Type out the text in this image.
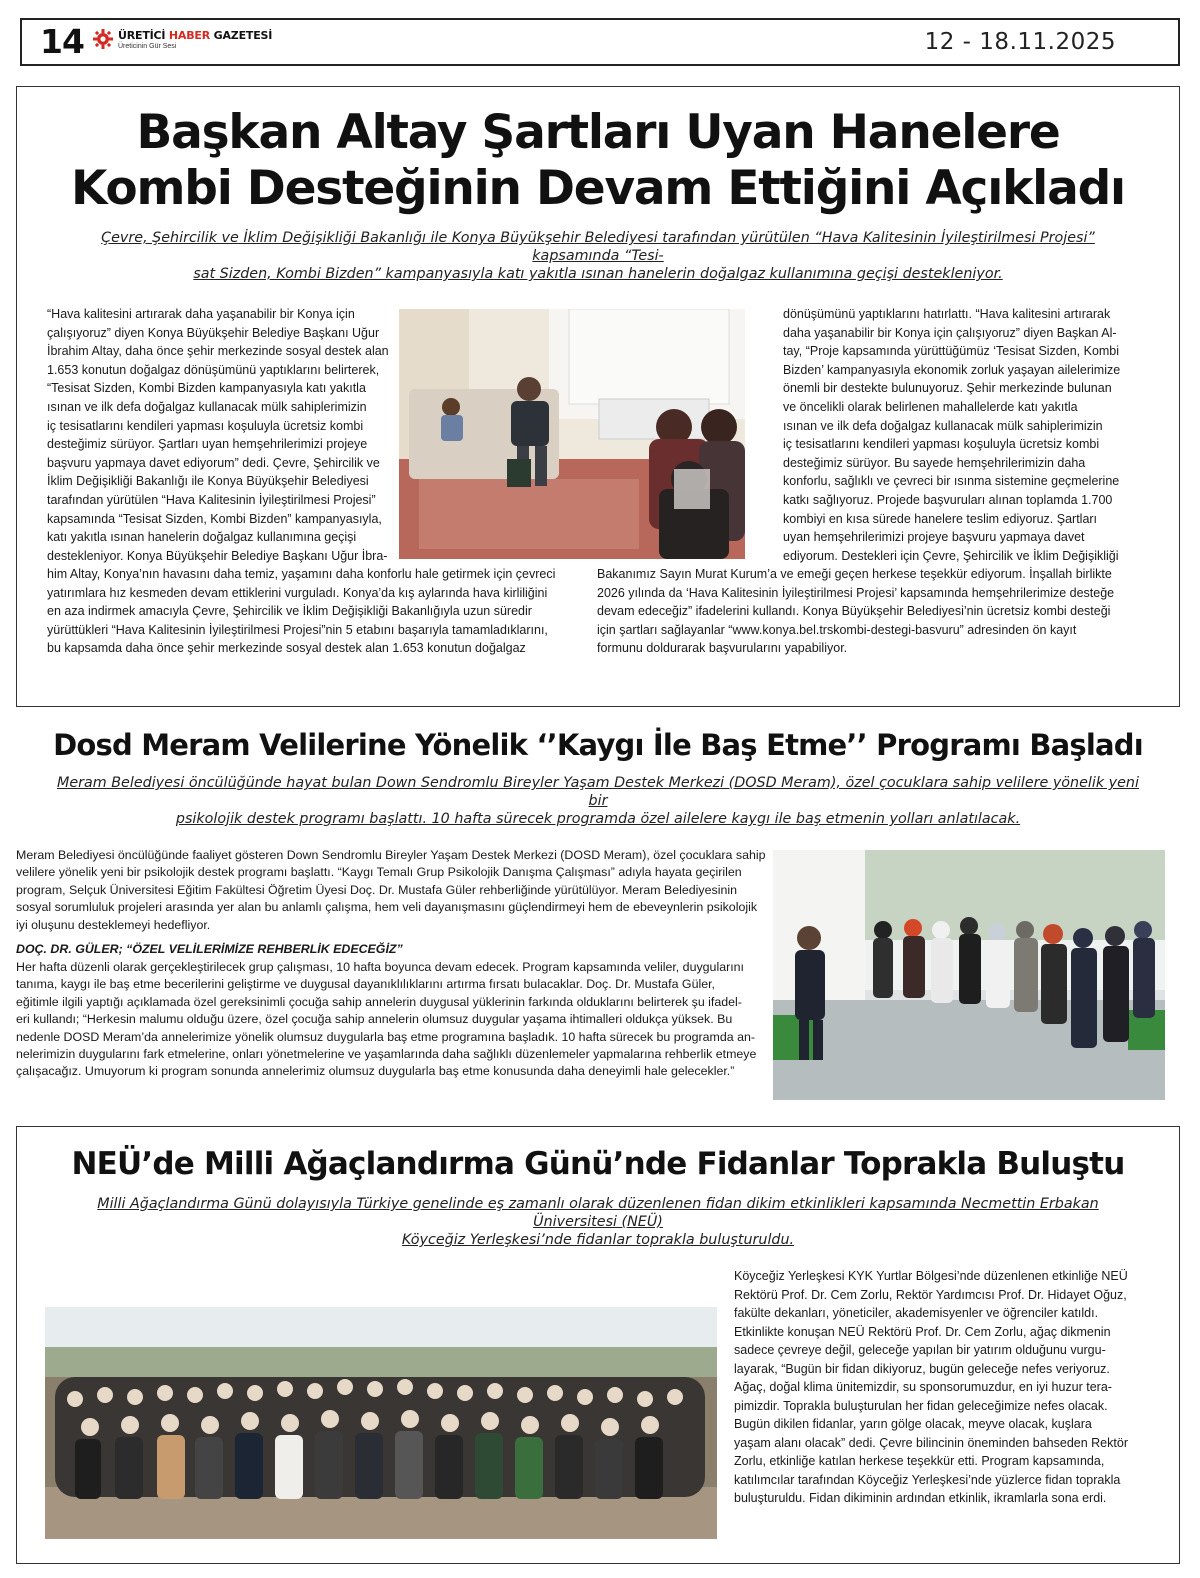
14	ÜRETİCİ HABER GAZETESİ
Üreticinin Gür Sesi	12 - 18.11.2025
Başkan Altay Şartları Uyan Hanelere
Kombi Desteğinin Devam Ettiğini Açıkladı

Çevre, Şehircilik ve İklim Değişikliği Bakanlığı ile Konya Büyükşehir Belediyesi tarafından yürütülen “Hava Kalitesinin İyileştirilmesi Projesi” kapsamında “Tesi-
sat Sizden, Kombi Bizden” kampanyasıyla katı yakıtla ısınan hanelerin doğalgaz kullanımına geçişi destekleniyor.

“Hava kalitesini artırarak daha yaşanabilir bir Konya için
çalışıyoruz” diyen Konya Büyükşehir Belediye Başkanı Uğur
İbrahim Altay, daha önce şehir merkezinde sosyal destek alan
1.653 konutun doğalgaz dönüşümünü yaptıklarını belirterek,
“Tesisat Sizden, Kombi Bizden kampanyasıyla katı yakıtla
ısınan ve ilk defa doğalgaz kullanacak mülk sahiplerimizin
iç tesisatlarını kendileri yapması koşuluyla ücretsiz kombi
desteğimiz sürüyor. Şartları uyan hemşehrilerimizi projeye
başvuru yapmaya davet ediyorum” dedi. Çevre, Şehircilik ve
İklim Değişikliği Bakanlığı ile Konya Büyükşehir Belediyesi
tarafından yürütülen “Hava Kalitesinin İyileştirilmesi Projesi”
kapsamında “Tesisat Sizden, Kombi Bizden” kampanyasıyla,
katı yakıtla ısınan hanelerin doğalgaz kullanımına geçişi
destekleniyor. Konya Büyükşehir Belediye Başkanı Uğur İbra-
him Altay, Konya’nın havasını daha temiz, yaşamını daha konforlu hale getirmek için çevreci
yatırımlara hız kesmeden devam ettiklerini vurguladı. Konya’da kış aylarında hava kirliliğini
en aza indirmek amacıyla Çevre, Şehircilik ve İklim Değişikliği Bakanlığıyla uzun süredir
yürüttükleri “Hava Kalitesinin İyileştirilmesi Projesi”nin 5 etabını başarıyla tamamladıklarını,
bu kapsamda daha önce şehir merkezinde sosyal destek alan 1.653 konutun doğalgaz
dönüşümünü yaptıklarını hatırlattı. “Hava kalitesini artırarak
daha yaşanabilir bir Konya için çalışıyoruz” diyen Başkan Al-
tay, “Proje kapsamında yürüttüğümüz ‘Tesisat Sizden, Kombi
Bizden’ kampanyasıyla ekonomik zorluk yaşayan ailelerimize
önemli bir destekte bulunuyoruz. Şehir merkezinde bulunan
ve öncelikli olarak belirlenen mahallelerde katı yakıtla
ısınan ve ilk defa doğalgaz kullanacak mülk sahiplerimizin
iç tesisatlarını kendileri yapması koşuluyla ücretsiz kombi
desteğimiz sürüyor. Bu sayede hemşehrilerimizin daha
konforlu, sağlıklı ve çevreci bir ısınma sistemine geçmelerine
katkı sağlıyoruz. Projede başvuruları alınan toplamda 1.700
kombiyi en kısa sürede hanelere teslim ediyoruz. Şartları
uyan hemşehrilerimizi projeye başvuru yapmaya davet
ediyorum. Destekleri için Çevre, Şehircilik ve İklim Değişikliği
Bakanımız Sayın Murat Kurum’a ve emeği geçen herkese teşekkür ediyorum. İnşallah birlikte
2026 yılında da ‘Hava Kalitesinin İyileştirilmesi Projesi’ kapsamında hemşehrilerimize desteğe
devam edeceğiz” ifadelerini kullandı. Konya Büyükşehir Belediyesi’nin ücretsiz kombi desteği
için şartları sağlayanlar “www.konya.bel.trskombi-destegi-basvuru” adresinden ön kayıt
formunu doldurarak başvurularını yapabiliyor.
Dosd Meram Velilerine Yönelik ‘’Kaygı İle Baş Etme’’ Programı Başladı

Meram Belediyesi öncülüğünde hayat bulan Down Sendromlu Bireyler Yaşam Destek Merkezi (DOSD Meram), özel çocuklara sahip velilere yönelik yeni bir
psikolojik destek programı başlattı. 10 hafta sürecek programda özel ailelere kaygı ile baş etmenin yolları anlatılacak.

Meram Belediyesi öncülüğünde faaliyet gösteren Down Sendromlu Bireyler Yaşam Destek Merkezi (DOSD Meram), özel çocuklara sahip
velilere yönelik yeni bir psikolojik destek programı başlattı. “Kaygı Temalı Grup Psikolojik Danışma Çalışması” adıyla hayata geçirilen
program, Selçuk Üniversitesi Eğitim Fakültesi Öğretim Üyesi Doç. Dr. Mustafa Güler rehberliğinde yürütülüyor. Meram Belediyesinin
sosyal sorumluluk projeleri arasında yer alan bu anlamlı çalışma, hem veli dayanışmasını güçlendirmeyi hem de ebeveynlerin psikolojik
iyi oluşunu desteklemeyi hedefliyor.
DOÇ. DR. GÜLER; “ÖZEL VELİLERİMİZE REHBERLİK EDECEĞİZ”
Her hafta düzenli olarak gerçekleştirilecek grup çalışması, 10 hafta boyunca devam edecek. Program kapsamında veliler, duygularını
tanıma, kaygı ile baş etme becerilerini geliştirme ve duygusal dayanıklılıklarını artırma fırsatı bulacaklar. Doç. Dr. Mustafa Güler,
eğitimle ilgili yaptığı açıklamada özel gereksinimli çocuğa sahip annelerin duygusal yüklerinin farkında olduklarını belirterek şu ifadel-
eri kullandı; “Herkesin malumu olduğu üzere, özel çocuğa sahip annelerin olumsuz duygular yaşama ihtimalleri oldukça yüksek. Bu
nedenle DOSD Meram’da annelerimize yönelik olumsuz duygularla baş etme programına başladık. 10 hafta sürecek bu programda an-
nelerimizin duygularını fark etmelerine, onları yönetmelerine ve yaşamlarında daha sağlıklı düzenlemeler yapmalarına rehberlik etmeye
çalışacağız. Umuyorum ki program sonunda annelerimiz olumsuz duygularla baş etme konusunda daha deneyimli hale gelecekler.”
NEÜ’de Milli Ağaçlandırma Günü’nde Fidanlar Toprakla Buluştu

Milli Ağaçlandırma Günü dolayısıyla Türkiye genelinde eş zamanlı olarak düzenlenen fidan dikim etkinlikleri kapsamında Necmettin Erbakan Üniversitesi (NEÜ)
Köyceğiz Yerleşkesi’nde fidanlar toprakla buluşturuldu.

Köyceğiz Yerleşkesi KYK Yurtlar Bölgesi’nde düzenlenen etkinliğe NEÜ
Rektörü Prof. Dr. Cem Zorlu, Rektör Yardımcısı Prof. Dr. Hidayet Oğuz,
fakülte dekanları, yöneticiler, akademisyenler ve öğrenciler katıldı.
Etkinlikte konuşan NEÜ Rektörü Prof. Dr. Cem Zorlu, ağaç dikmenin
sadece çevreye değil, geleceğe yapılan bir yatırım olduğunu vurgu-
layarak, “Bugün bir fidan dikiyoruz, bugün geleceğe nefes veriyoruz.
Ağaç, doğal klima ünitemizdir, su sponsorumuzdur, en iyi huzur tera-
pimizdir. Toprakla buluşturulan her fidan geleceğimize nefes olacak.
Bugün dikilen fidanlar, yarın gölge olacak, meyve olacak, kuşlara
yaşam alanı olacak” dedi. Çevre bilincinin öneminden bahseden Rektör
Zorlu, etkinliğe katılan herkese teşekkür etti. Program kapsamında,
katılımcılar tarafından Köyceğiz Yerleşkesi’nde yüzlerce fidan toprakla
buluşturuldu. Fidan dikiminin ardından etkinlik, ikramlarla sona erdi.
